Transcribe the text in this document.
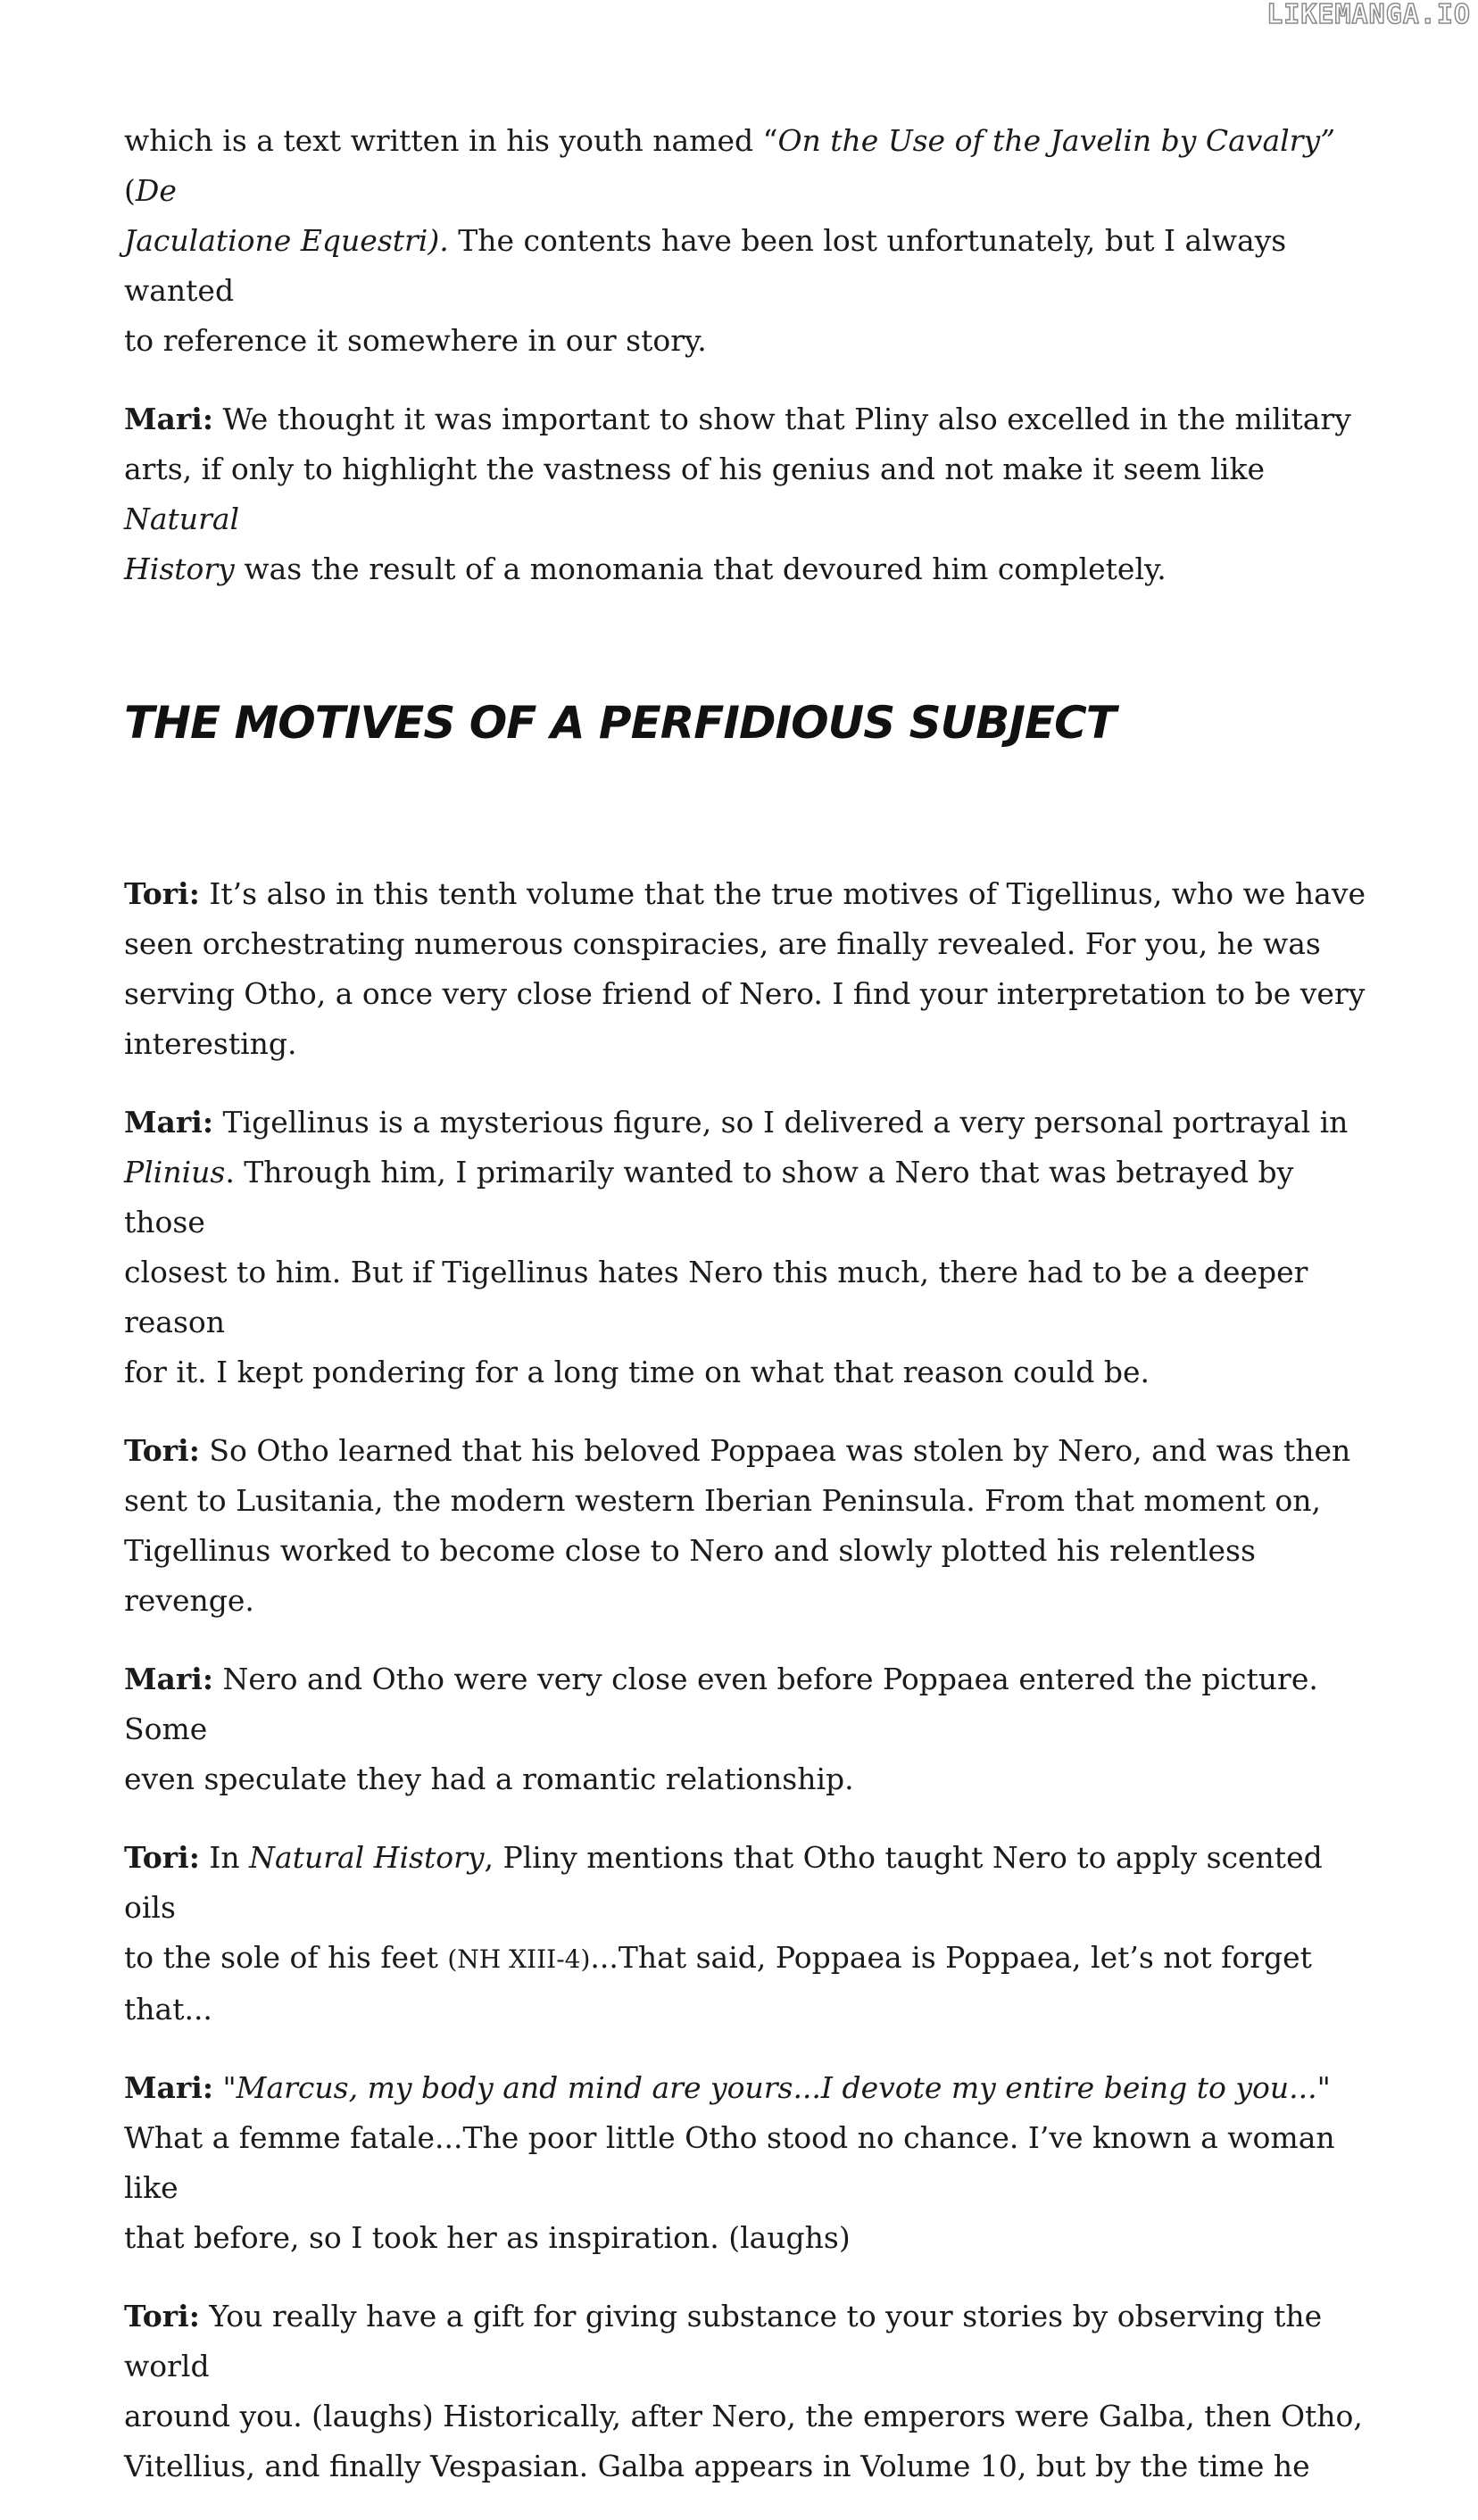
LIKEMANGA.IO

which is a text written in his youth named “On the Use of the Javelin by Cavalry” (De
Jaculatione Equestri). The contents have been lost unfortunately, but I always wanted
to reference it somewhere in our story.

Mari: We thought it was important to show that Pliny also excelled in the military
arts, if only to highlight the vastness of his genius and not make it seem like Natural
History was the result of a monomania that devoured him completely.

THE MOTIVES OF A PERFIDIOUS SUBJECT

Tori: It’s also in this tenth volume that the true motives of Tigellinus, who we have
seen orchestrating numerous conspiracies, are finally revealed. For you, he was
serving Otho, a once very close friend of Nero. I find your interpretation to be very
interesting.

Mari: Tigellinus is a mysterious figure, so I delivered a very personal portrayal in
Plinius. Through him, I primarily wanted to show a Nero that was betrayed by those
closest to him. But if Tigellinus hates Nero this much, there had to be a deeper reason
for it. I kept pondering for a long time on what that reason could be.

Tori: So Otho learned that his beloved Poppaea was stolen by Nero, and was then
sent to Lusitania, the modern western Iberian Peninsula. From that moment on,
Tigellinus worked to become close to Nero and slowly plotted his relentless revenge.

Mari: Nero and Otho were very close even before Poppaea entered the picture. Some
even speculate they had a romantic relationship.

Tori: In Natural History, Pliny mentions that Otho taught Nero to apply scented oils
to the sole of his feet (NH XIII-4)...That said, Poppaea is Poppaea, let’s not forget that...

Mari: "Marcus, my body and mind are yours...I devote my entire being to you..."
What a femme fatale...The poor little Otho stood no chance. I’ve known a woman like
that before, so I took her as inspiration. (laughs)

Tori: You really have a gift for giving substance to your stories by observing the world
around you. (laughs) Historically, after Nero, the emperors were Galba, then Otho,
Vitellius, and finally Vespasian. Galba appears in Volume 10, but by the time he
